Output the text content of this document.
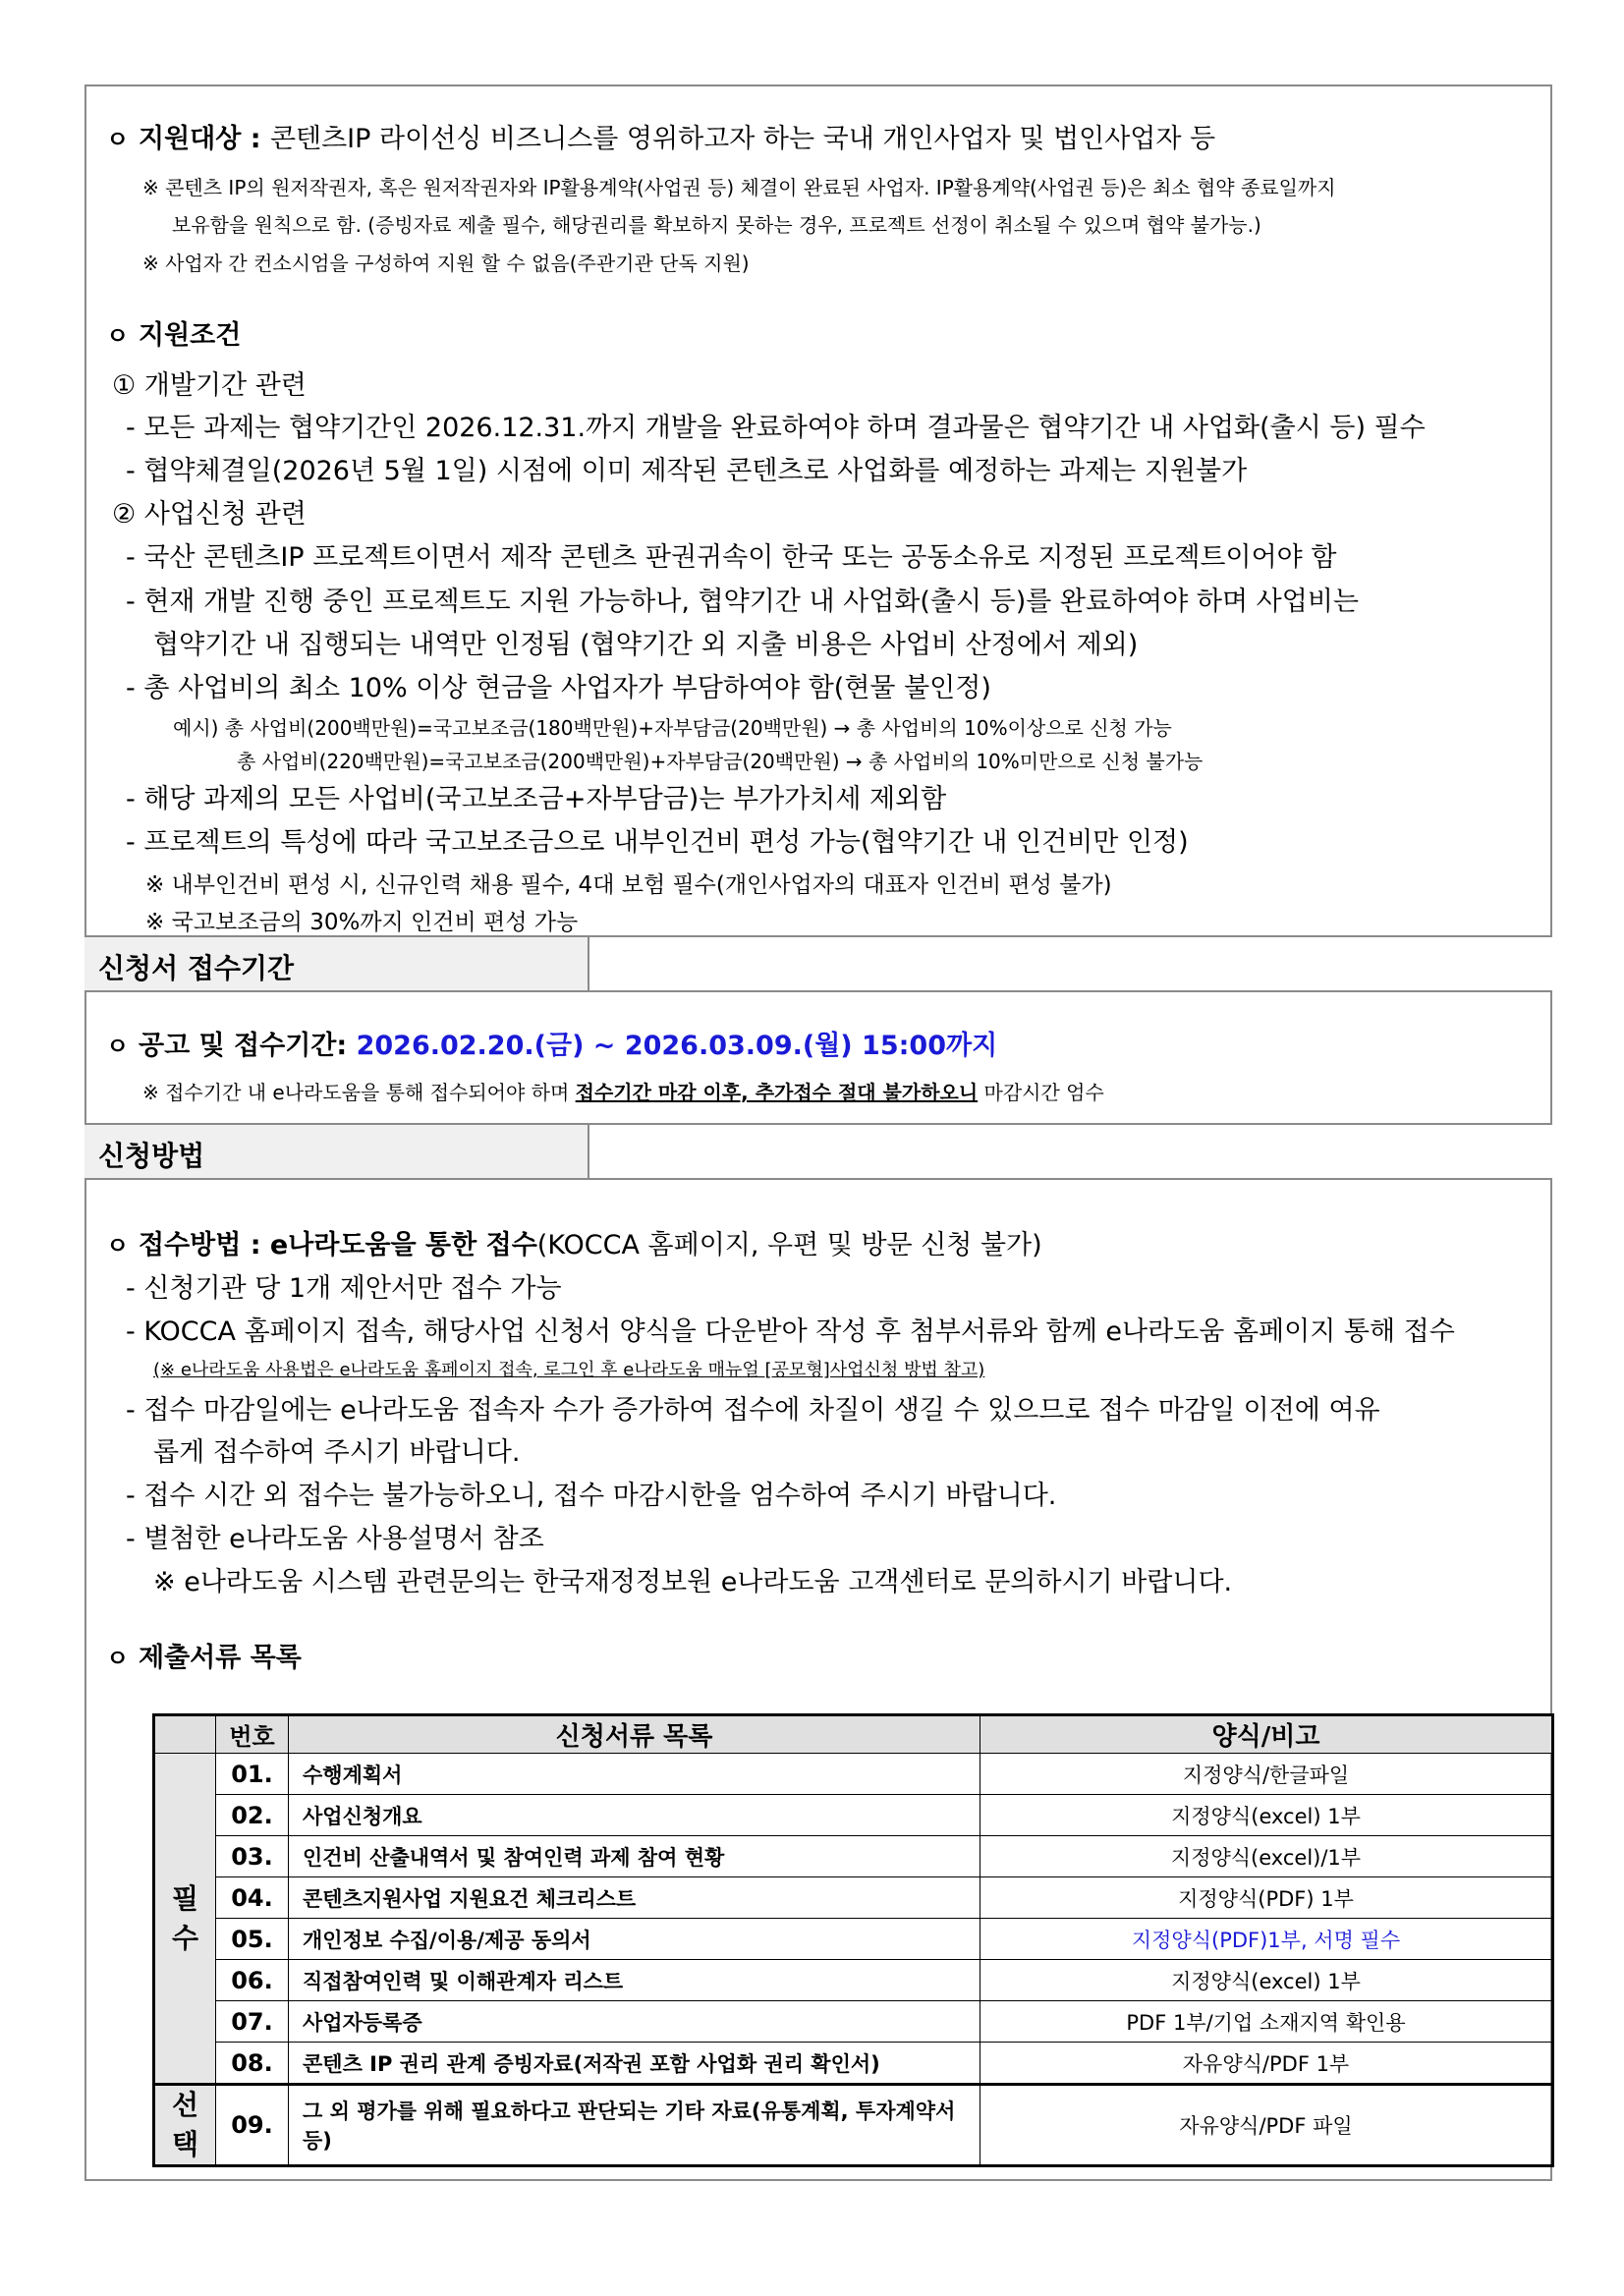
ㅇ 지원대상 : 콘텐츠IP 라이선싱 비즈니스를 영위하고자 하는 국내 개인사업자 및 법인사업자 등
※ 콘텐츠 IP의 원저작권자, 혹은 원저작권자와 IP활용계약(사업권 등) 체결이 완료된 사업자. IP활용계약(사업권 등)은 최소 협약 종료일까지
보유함을 원칙으로 함. (증빙자료 제출 필수, 해당권리를 확보하지 못하는 경우, 프로젝트 선정이 취소될 수 있으며 협약 불가능.)
※ 사업자 간 컨소시엄을 구성하여 지원 할 수 없음(주관기관 단독 지원)
ㅇ 지원조건
① 개발기간 관련
- 모든 과제는 협약기간인 2026.12.31.까지 개발을 완료하여야 하며 결과물은 협약기간 내 사업화(출시 등) 필수
- 협약체결일(2026년 5월 1일) 시점에 이미 제작된 콘텐츠로 사업화를 예정하는 과제는 지원불가
② 사업신청 관련
- 국산 콘텐츠IP 프로젝트이면서 제작 콘텐츠 판권귀속이 한국 또는 공동소유로 지정된 프로젝트이어야 함
- 현재 개발 진행 중인 프로젝트도 지원 가능하나, 협약기간 내 사업화(출시 등)를 완료하여야 하며 사업비는
협약기간 내 집행되는 내역만 인정됨 (협약기간 외 지출 비용은 사업비 산정에서 제외)
- 총 사업비의 최소 10% 이상 현금을 사업자가 부담하여야 함(현물 불인정)
예시) 총 사업비(200백만원)=국고보조금(180백만원)+자부담금(20백만원) → 총 사업비의 10%이상으로 신청 가능
총 사업비(220백만원)=국고보조금(200백만원)+자부담금(20백만원) → 총 사업비의 10%미만으로 신청 불가능
- 해당 과제의 모든 사업비(국고보조금+자부담금)는 부가가치세 제외함
- 프로젝트의 특성에 따라 국고보조금으로 내부인건비 편성 가능(협약기간 내 인건비만 인정)
※ 내부인건비 편성 시, 신규인력 채용 필수, 4대 보험 필수(개인사업자의 대표자 인건비 편성 불가)
※ 국고보조금의 30%까지 인건비 편성 가능
신청서 접수기간
ㅇ 공고 및 접수기간: 2026.02.20.(금) ~ 2026.03.09.(월) 15:00까지
※ 접수기간 내 e나라도움을 통해 접수되어야 하며 접수기간 마감 이후, 추가접수 절대 불가하오니 마감시간 엄수
신청방법
ㅇ 접수방법 : e나라도움을 통한 접수(KOCCA 홈페이지, 우편 및 방문 신청 불가)
- 신청기관 당 1개 제안서만 접수 가능
- KOCCA 홈페이지 접속, 해당사업 신청서 양식을 다운받아 작성 후 첨부서류와 함께 e나라도움 홈페이지 통해 접수
(※ e나라도움 사용법은 e나라도움 홈페이지 접속, 로그인 후 e나라도움 매뉴얼 [공모형]사업신청 방법 참고)
- 접수 마감일에는 e나라도움 접속자 수가 증가하여 접수에 차질이 생길 수 있으므로 접수 마감일 이전에 여유
롭게 접수하여 주시기 바랍니다.
- 접수 시간 외 접수는 불가능하오니, 접수 마감시한을 엄수하여 주시기 바랍니다.
- 별첨한 e나라도움 사용설명서 참조
※ e나라도움 시스템 관련문의는 한국재정정보원 e나라도움 고객센터로 문의하시기 바랍니다.
ㅇ 제출서류 목록
	번호	신청서류 목록	양식/비고
필수	01.	수행계획서	지정양식/한글파일
	02.	사업신청개요	지정양식(excel) 1부
	03.	인건비 산출내역서 및 참여인력 과제 참여 현황	지정양식(excel)/1부
	04.	콘텐츠지원사업 지원요건 체크리스트	지정양식(PDF) 1부
	05.	개인정보 수집/이용/제공 동의서	지정양식(PDF)1부, 서명 필수
	06.	직접참여인력 및 이해관계자 리스트	지정양식(excel) 1부
	07.	사업자등록증	PDF 1부/기업 소재지역 확인용
	08.	콘텐츠 IP 권리 관계 증빙자료(저작권 포함 사업화 권리 확인서)	자유양식/PDF 1부
선택	09.	그 외 평가를 위해 필요하다고 판단되는 기타 자료(유통계획, 투자계약서 등)	자유양식/PDF 파일
